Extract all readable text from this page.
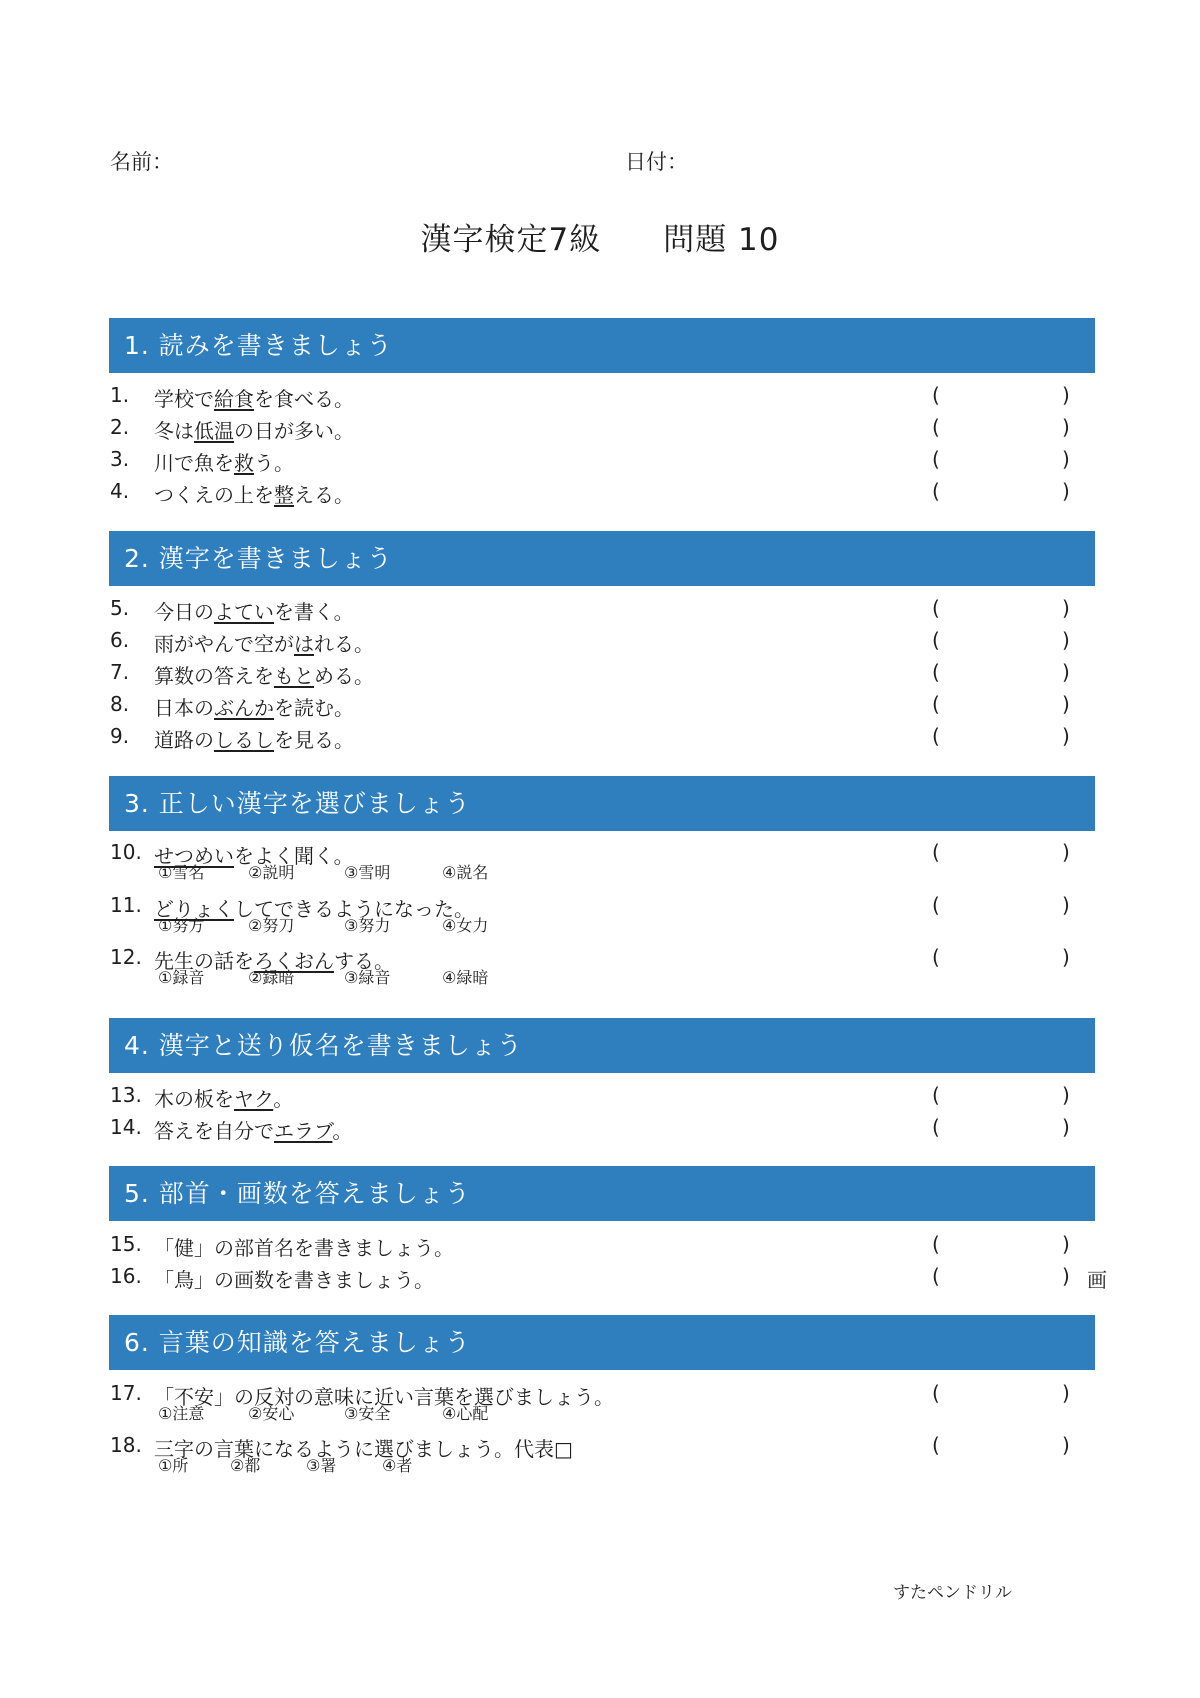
名前：	日付：
漢字検定7級 問題 10
1. 読みを書きましょう
2. 漢字を書きましょう
3. 正しい漢字を選びましょう
4. 漢字と送り仮名を書きましょう
5. 部首・画数を答えましょう
6. 言葉の知識を答えましょう
1. 学校で給食を食べる。	(	)
2. 冬は低温の日が多い。	(	)
3. 川で魚を救う。	(	)
4. つくえの上を整える。	(	)
5. 今日のよていを書く。	(	)
6. 雨がやんで空がはれる。	(	)
7. 算数の答えをもとめる。	(	)
8. 日本のぶんかを読む。	(	)
9. 道路のしるしを見る。	(	)
10. せつめいをよく聞く。
①雪名	②説明	③雪明	④説名
(	)
11. どりょくしてできるようになった。
①努方	②努刀	③努力	④女力
(	)
12. 先生の話をろくおんする。
①録音	②録暗	③緑音	④緑暗
(	)
13. 木の板をヤク。	(	)
14. 答えを自分でエラブ。	(	)
15. 「健」の部首名を書きましょう。	(	)
16. 「鳥」の画数を書きましょう。	(	) 画
17. 「不安」の反対の意味に近い言葉を選びましょう。
①注意	②安心	③安全	④心配
(	)
18. 三字の言葉になるように選びましょう。代表□
①所	②都	③署	④者
(	)
すたペンドリル
